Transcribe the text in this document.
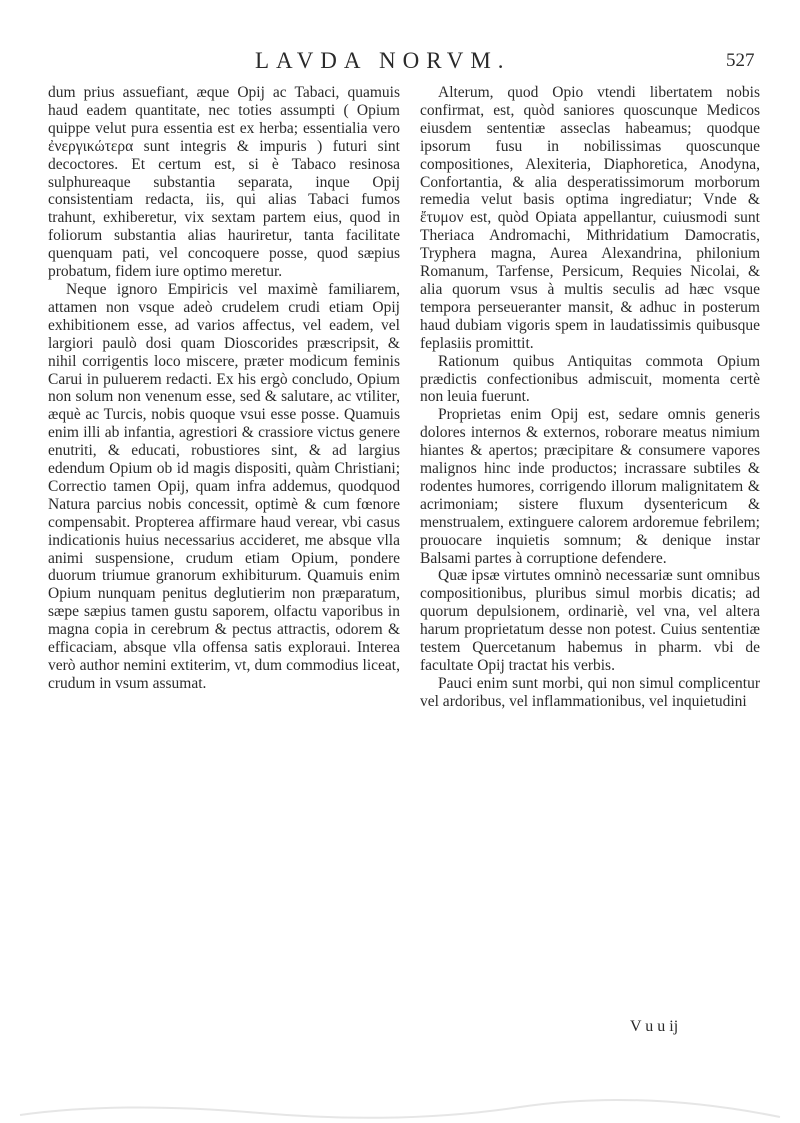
LAVDA NORVM.	527

dum prius assuefiant, æque Opij ac Tabaci, quamuis haud eadem quantitate, nec toties assumpti ( Opium quippe velut pura essentia est ex herba; essentialia vero ἐνεργικώτερα sunt integris & impuris ) futuri sint decoctores. Et certum est, si è Tabaco resinosa sulphureaque substantia separata, inque Opij consistentiam redacta, iis, qui alias Tabaci fumos trahunt, exhiberetur, vix sextam partem eius, quod in foliorum substantia alias hauriretur, tanta facilitate quenquam pati, vel concoquere posse, quod sæpius probatum, fidem iure optimo meretur.

Neque ignoro Empiricis vel maximè familiarem, attamen non vsque adeò crudelem crudi etiam Opij exhibitionem esse, ad varios affectus, vel eadem, vel largiori paulò dosi quam Dioscorides præscripsit, & nihil corrigentis loco miscere, præter modicum feminis Carui in puluerem redacti. Ex his ergò concludo, Opium non solum non venenum esse, sed & salutare, ac vtiliter, æquè ac Turcis, nobis quoque vsui esse posse. Quamuis enim illi ab infantia, agrestiori & crassiore victus genere enutriti, & educati, robustiores sint, & ad largius edendum Opium ob id magis dispositi, quàm Christiani; Correctio tamen Opij, quam infra addemus, quodquod Natura parcius nobis concessit, optimè & cum fœnore compensabit. Propterea affirmare haud verear, vbi casus indicationis huius necessarius accideret, me absque vlla animi suspensione, crudum etiam Opium, pondere duorum triumue granorum exhibiturum. Quamuis enim Opium nunquam penitus deglutierim non præparatum, sæpe sæpius tamen gustu saporem, olfactu vaporibus in magna copia in cerebrum & pectus attractis, odorem & efficaciam, absque vlla offensa satis exploraui. Interea verò author nemini extiterim, vt, dum commodius liceat, crudum in vsum assumat.

Alterum, quod Opio vtendi libertatem nobis confirmat, est, quòd saniores quoscunque Medicos eiusdem sententiæ asseclas habeamus; quodque ipsorum fusu in nobilissimas quoscunque compositiones, Alexiteria, Diaphoretica, Anodyna, Confortantia, & alia desperatissimorum morborum remedia velut basis optima ingrediatur; Vnde & ἔτυμον est, quòd Opiata appellantur, cuiusmodi sunt Theriaca Andromachi, Mithridatium Damocratis, Tryphera magna, Aurea Alexandrina, philonium Romanum, Tarfense, Persicum, Requies Nicolai, & alia quorum vsus à multis seculis ad hæc vsque tempora perseueranter mansit, & adhuc in posterum haud dubiam vigoris spem in laudatissimis quibusque feplasiis promittit.

Rationum quibus Antiquitas commota Opium prædictis confectionibus admiscuit, momenta certè non leuia fuerunt.

Proprietas enim Opij est, sedare omnis generis dolores internos & externos, roborare meatus nimium hiantes & apertos; præcipitare & consumere vapores malignos hinc inde productos; incrassare subtiles & rodentes humores, corrigendo illorum malignitatem & acrimoniam; sistere fluxum dysentericum & menstrualem, extinguere calorem ardoremue febrilem; prouocare inquietis somnum; & denique instar Balsami partes à corruptione defendere.

Quæ ipsæ virtutes omninò necessariæ sunt omnibus compositionibus, pluribus simul morbis dicatis; ad quorum depulsionem, ordinariè, vel vna, vel altera harum proprietatum desse non potest. Cuius sententiæ testem Quercetanum habemus in pharm. vbi de facultate Opij tractat his verbis.

Pauci enim sunt morbi, qui non simul complicentur vel ardoribus, vel inflammationibus, vel inquietudini

V u u ij
